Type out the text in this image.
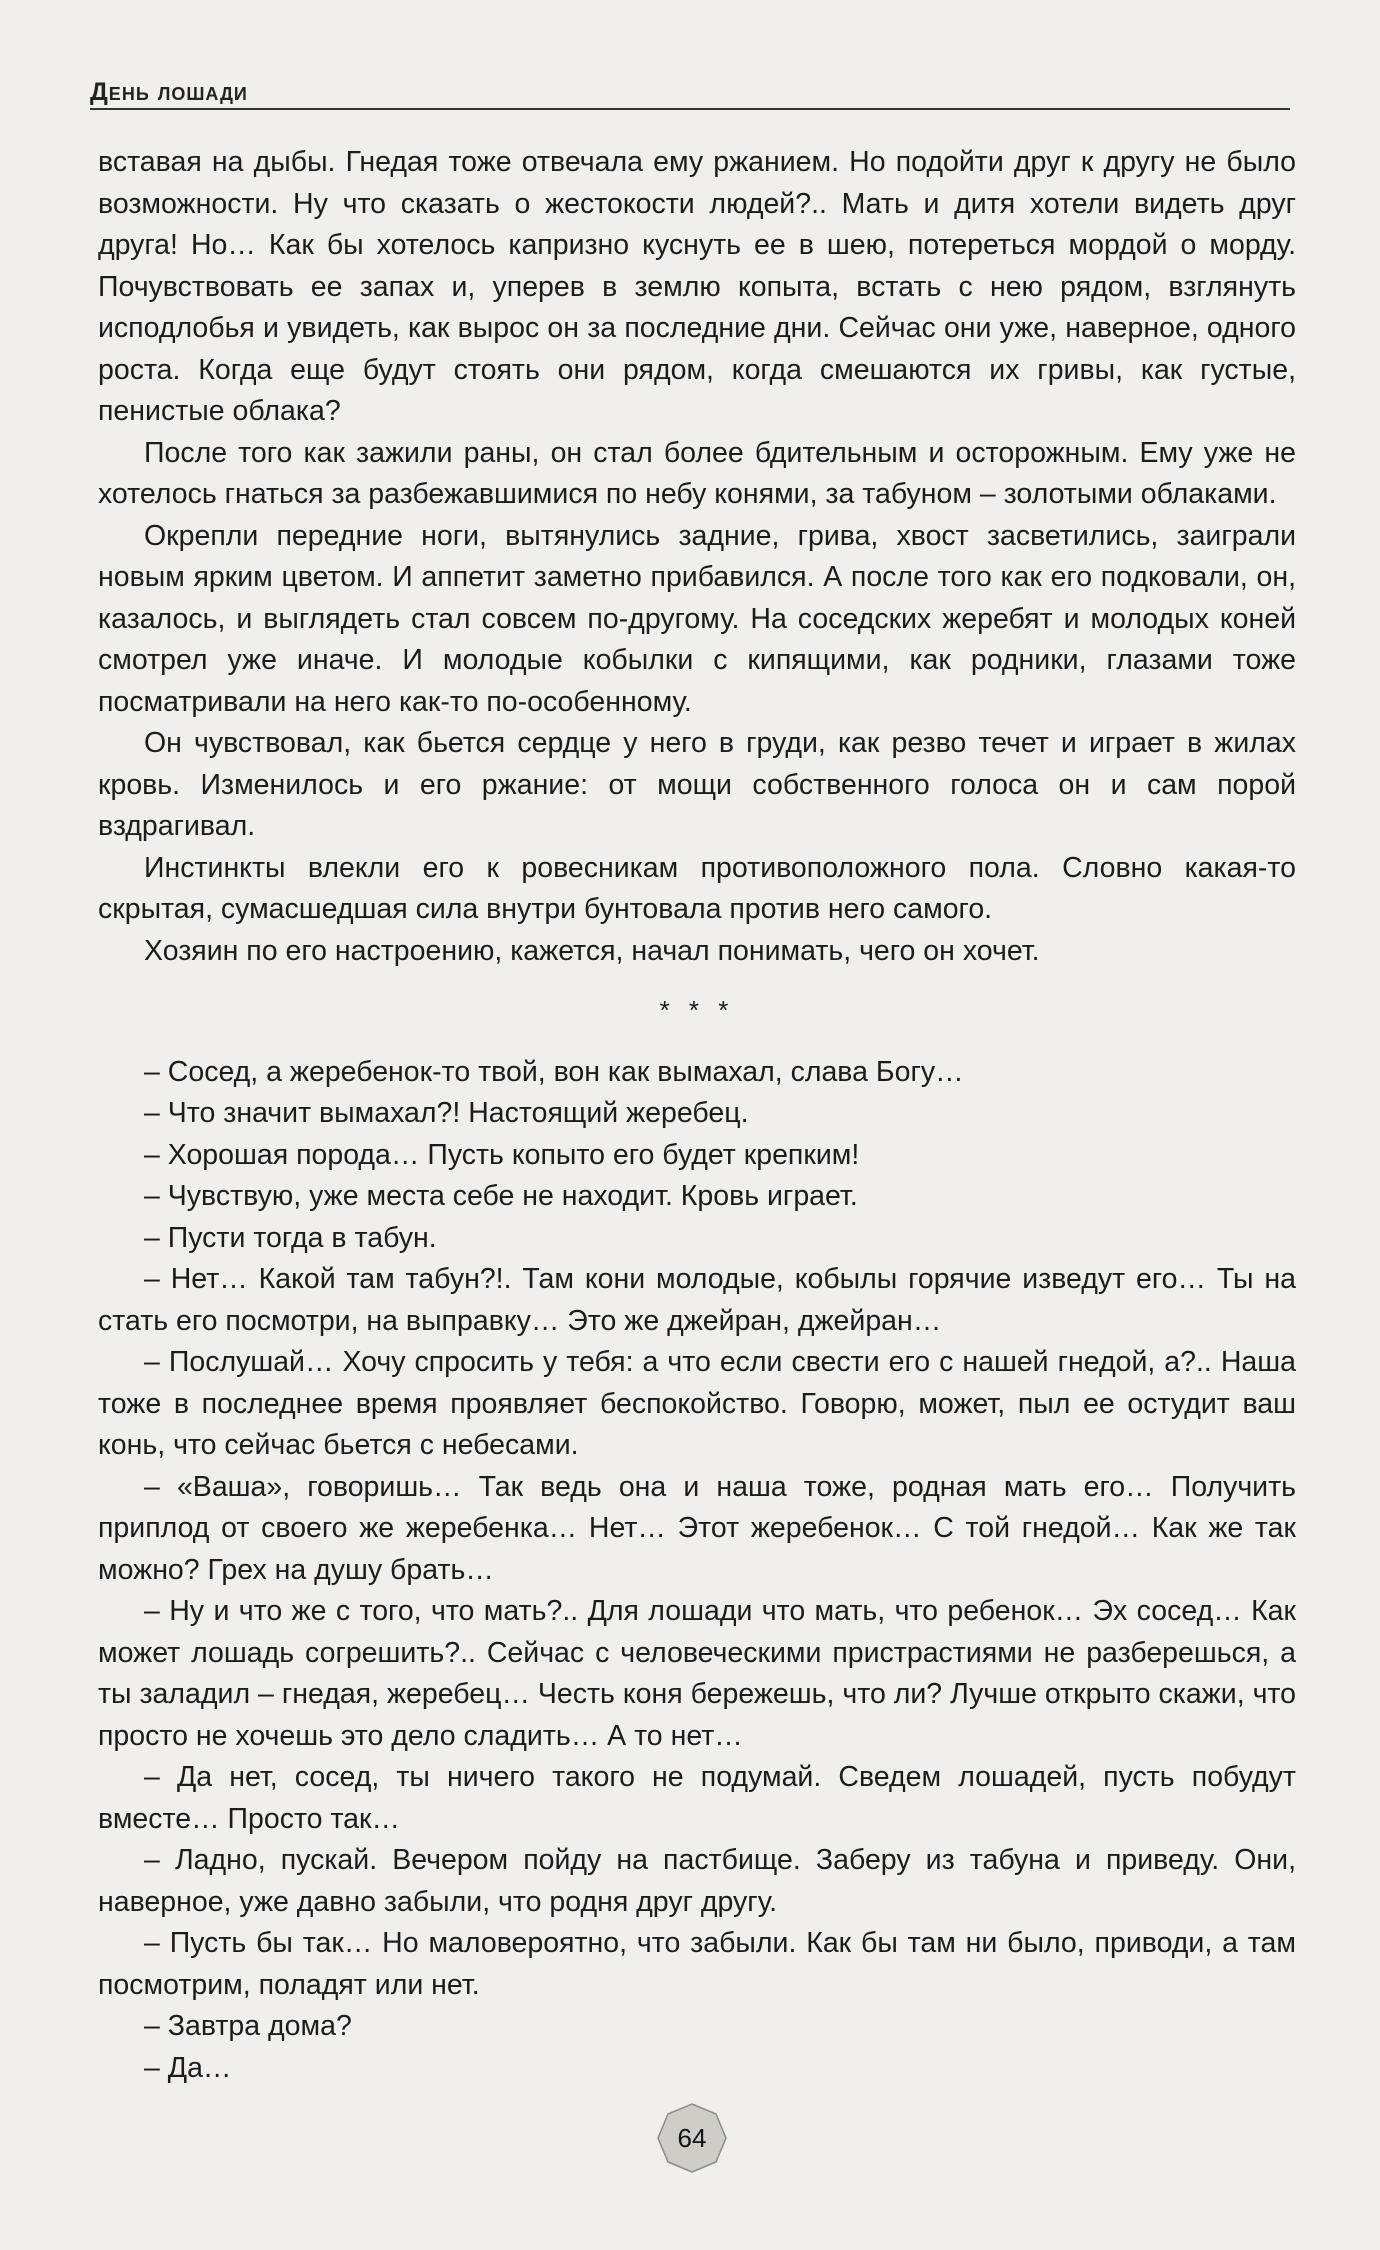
День лошади

вставая на дыбы. Гнедая тоже отвечала ему ржанием. Но подойти друг к другу не было возможности. Ну что сказать о жестокости людей?.. Мать и дитя хотели видеть друг друга! Но… Как бы хотелось капризно куснуть ее в шею, потереться мордой о морду. Почувствовать ее запах и, уперев в землю копыта, встать с нею рядом, взглянуть исподлобья и увидеть, как вырос он за последние дни. Сейчас они уже, наверное, одного роста. Когда еще будут стоять они рядом, когда смешаются их гривы, как густые, пенистые облака?

После того как зажили раны, он стал более бдительным и осторожным. Ему уже не хотелось гнаться за разбежавшимися по небу конями, за табуном – золотыми облаками.

Окрепли передние ноги, вытянулись задние, грива, хвост засветились, заиграли новым ярким цветом. И аппетит заметно прибавился. А после того как его подковали, он, казалось, и выглядеть стал совсем по-другому. На соседских жеребят и молодых коней смотрел уже иначе. И молодые кобылки с кипящими, как родники, глазами тоже посматривали на него как-то по-особенному.

Он чувствовал, как бьется сердце у него в груди, как резво течет и играет в жилах кровь. Изменилось и его ржание: от мощи собственного голоса он и сам порой вздрагивал.

Инстинкты влекли его к ровесникам противоположного пола. Словно какая-то скрытая, сумасшедшая сила внутри бунтовала против него самого.

Хозяин по его настроению, кажется, начал понимать, чего он хочет.

* * *

– Сосед, а жеребенок-то твой, вон как вымахал, слава Богу…

– Что значит вымахал?! Настоящий жеребец.

– Хорошая порода… Пусть копыто его будет крепким!

– Чувствую, уже места себе не находит. Кровь играет.

– Пусти тогда в табун.

– Нет… Какой там табун?!. Там кони молодые, кобылы горячие изведут его… Ты на стать его посмотри, на выправку… Это же джейран, джейран…

– Послушай… Хочу спросить у тебя: а что если свести его с нашей гнедой, а?.. Наша тоже в последнее время проявляет беспокойство. Говорю, может, пыл ее остудит ваш конь, что сейчас бьется с небесами.

– «Ваша», говоришь… Так ведь она и наша тоже, родная мать его… Получить приплод от своего же жеребенка… Нет… Этот жеребенок… С той гнедой… Как же так можно? Грех на душу брать…

– Ну и что же с того, что мать?.. Для лошади что мать, что ребенок… Эх сосед… Как может лошадь согрешить?.. Сейчас с человеческими пристрастиями не разберешься, а ты заладил – гнедая, жеребец… Честь коня бережешь, что ли? Лучше открыто скажи, что просто не хочешь это дело сладить… А то нет…

– Да нет, сосед, ты ничего такого не подумай. Сведем лошадей, пусть побудут вместе… Просто так…

– Ладно, пускай. Вечером пойду на пастбище. Заберу из табуна и приведу. Они, наверное, уже давно забыли, что родня друг другу.

– Пусть бы так… Но маловероятно, что забыли. Как бы там ни было, приводи, а там посмотрим, поладят или нет.

– Завтра дома?

– Да…

64
